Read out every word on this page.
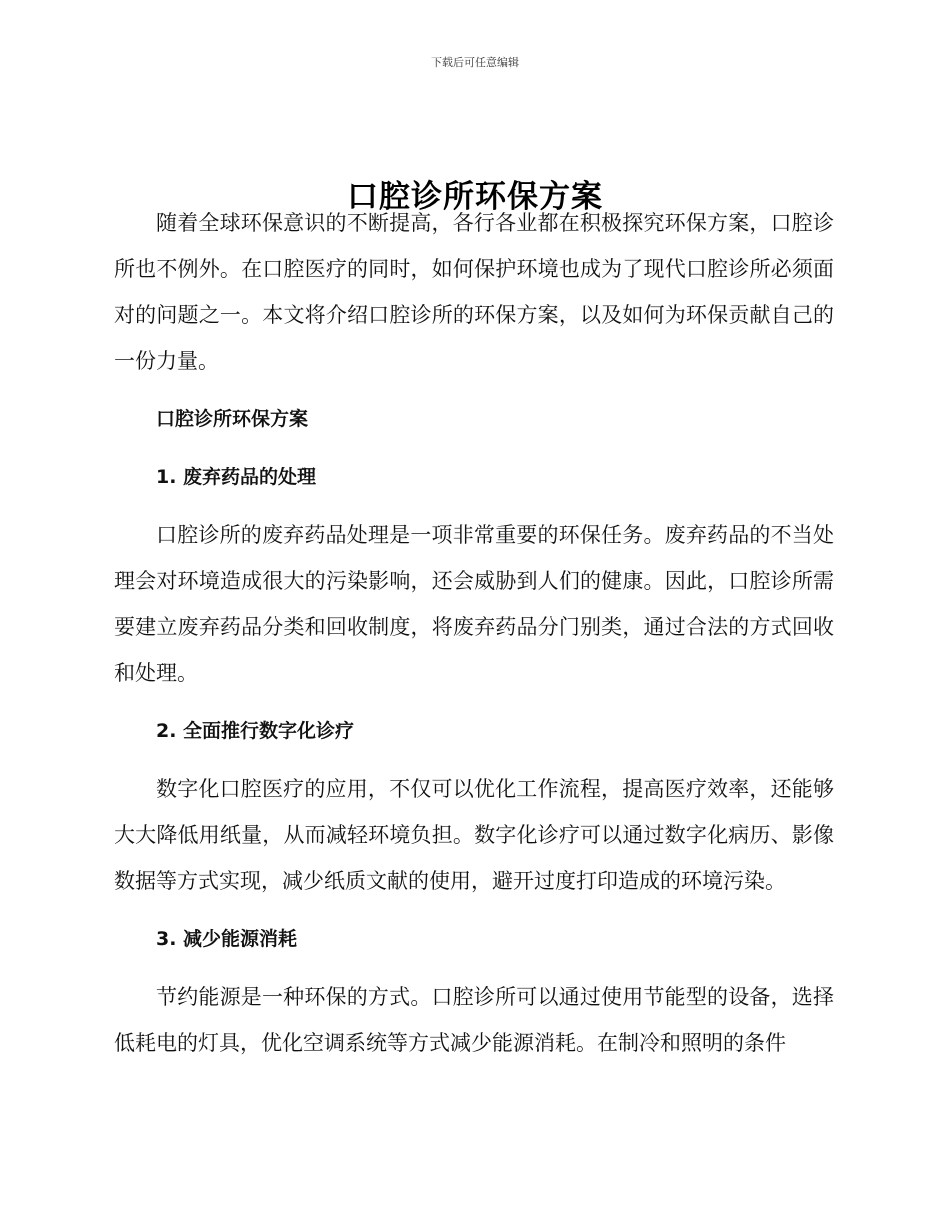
下载后可任意编辑
口腔诊所环保方案

随着全球环保意识的不断提高，各行各业都在积极探究环保方案，口腔诊所也不例外。在口腔医疗的同时，如何保护环境也成为了现代口腔诊所必须面对的问题之一。本文将介绍口腔诊所的环保方案，以及如何为环保贡献自己的一份力量。

口腔诊所环保方案
1. 废弃药品的处理

口腔诊所的废弃药品处理是一项非常重要的环保任务。废弃药品的不当处理会对环境造成很大的污染影响，还会威胁到人们的健康。因此，口腔诊所需要建立废弃药品分类和回收制度，将废弃药品分门别类，通过合法的方式回收和处理。

2. 全面推行数字化诊疗

数字化口腔医疗的应用，不仅可以优化工作流程，提高医疗效率，还能够大大降低用纸量，从而减轻环境负担。数字化诊疗可以通过数字化病历、影像数据等方式实现，减少纸质文献的使用，避开过度打印造成的环境污染。

3. 减少能源消耗

节约能源是一种环保的方式。口腔诊所可以通过使用节能型的设备，选择低耗电的灯具，优化空调系统等方式减少能源消耗。在制冷和照明的条件
